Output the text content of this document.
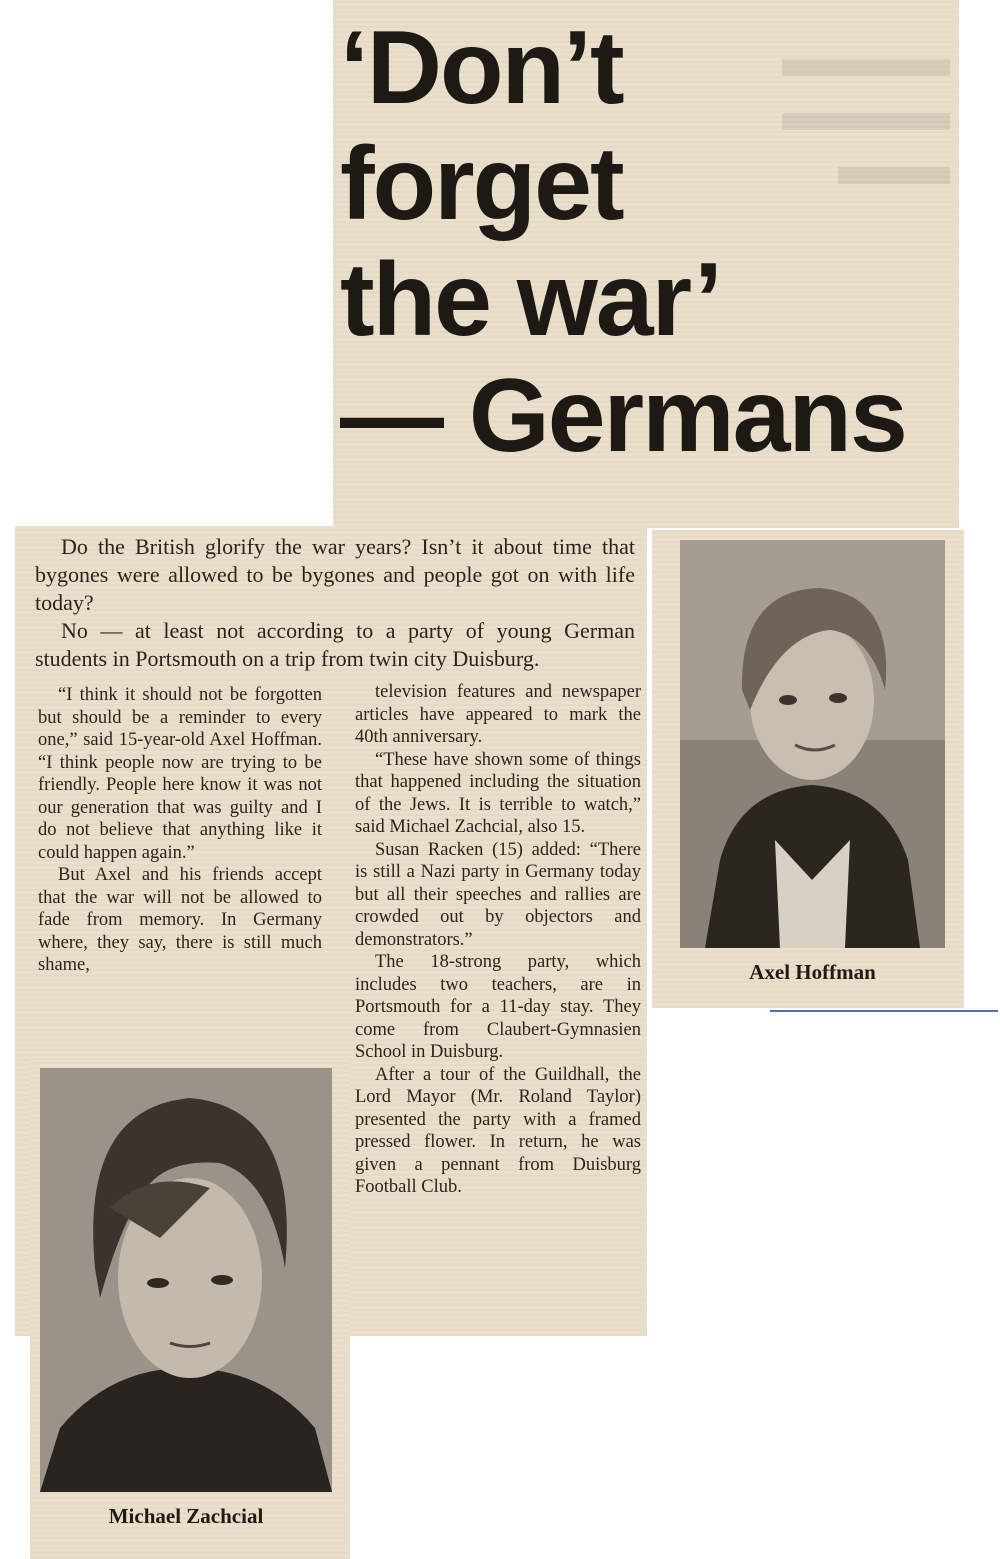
▬▬▬
▬▬▬
▬▬
‘Don’t
forget
the war’
— Germans

Do the British glorify the war years? Isn’t it about time that bygones were allowed to be bygones and people got on with life today?

No — at least not according to a party of young German students in Portsmouth on a trip from twin city Duisburg.

“I think it should not be forgotten but should be a reminder to every one,” said 15-year-old Axel Hoffman. “I think people now are trying to be friendly. People here know it was not our generation that was guilty and I do not believe that anything like it could happen again.”

But Axel and his friends accept that the war will not be allowed to fade from memory. In Germany where, they say, there is still much shame,

television features and newspaper articles have appeared to mark the 40th anniversary.

“These have shown some of things that happened including the situation of the Jews. It is terrible to watch,” said Michael Zachcial, also 15.

Susan Racken (15) added: “There is still a Nazi party in Germany today but all their speeches and rallies are crowded out by objectors and demonstrators.”

The 18-strong party, which includes two teachers, are in Portsmouth for a 11-day stay. They come from Claubert-Gymnasien School in Duisburg.

After a tour of the Guildhall, the Lord Mayor (Mr. Roland Taylor) presented the party with a framed pressed flower. In return, he was given a pennant from Duisburg Football Club.

Axel Hoffman
Michael Zachcial
